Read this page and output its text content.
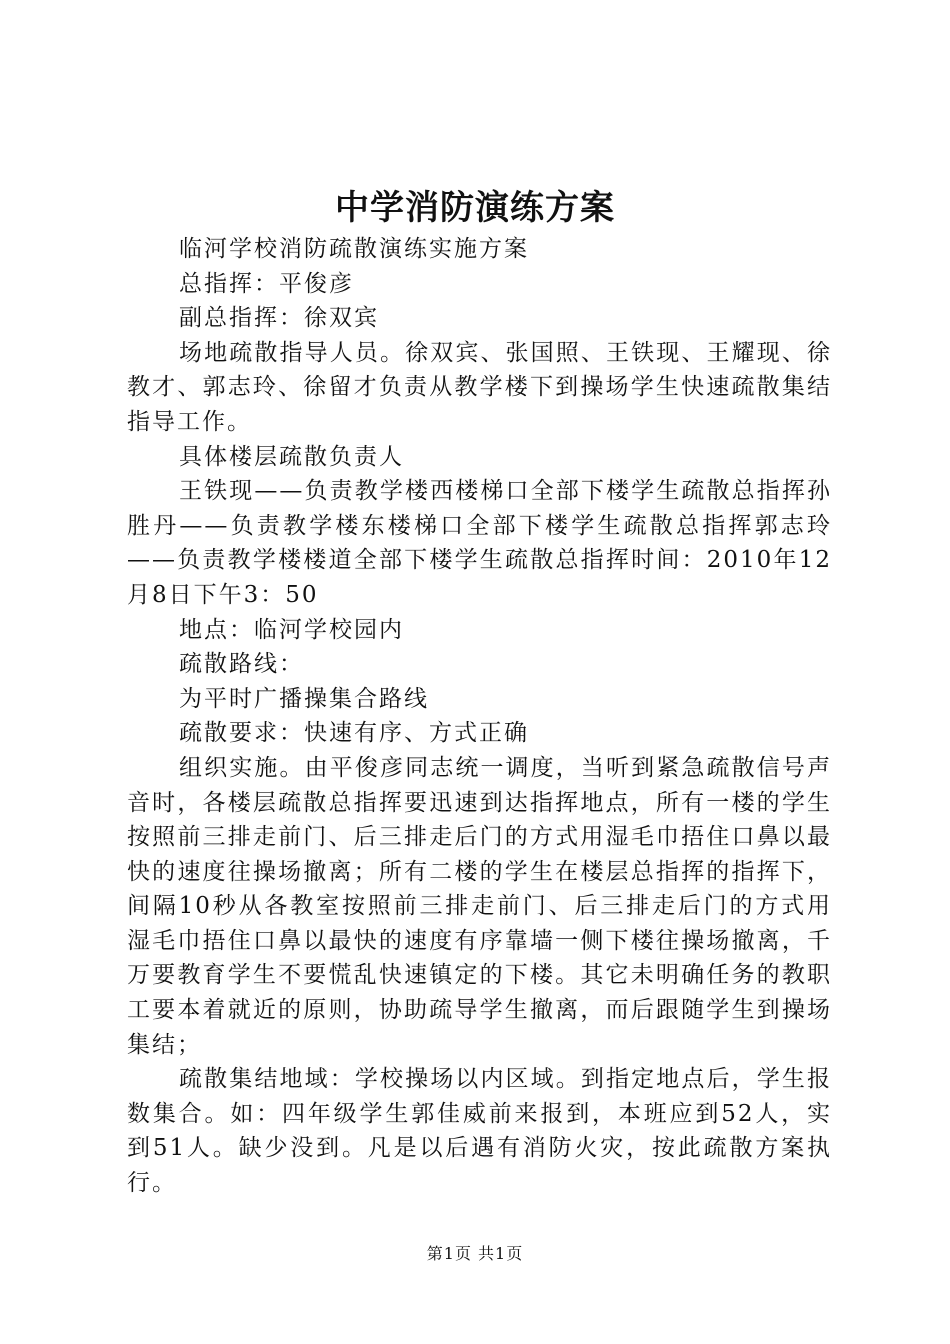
中学消防演练方案

临河学校消防疏散演练实施方案

总指挥：平俊彦

副总指挥：徐双宾

场地疏散指导人员。徐双宾、张国照、王铁现、王耀现、徐教才、郭志玲、徐留才负责从教学楼下到操场学生快速疏散集结指导工作。

具体楼层疏散负责人

王铁现——负责教学楼西楼梯口全部下楼学生疏散总指挥孙胜丹——负责教学楼东楼梯口全部下楼学生疏散总指挥郭志玲——负责教学楼楼道全部下楼学生疏散总指挥时间：2010年12月8日下午3：50

地点：临河学校园内

疏散路线：

为平时广播操集合路线

疏散要求：快速有序、方式正确

组织实施。由平俊彦同志统一调度，当听到紧急疏散信号声音时，各楼层疏散总指挥要迅速到达指挥地点，所有一楼的学生按照前三排走前门、后三排走后门的方式用湿毛巾捂住口鼻以最快的速度往操场撤离；所有二楼的学生在楼层总指挥的指挥下，间隔10秒从各教室按照前三排走前门、后三排走后门的方式用湿毛巾捂住口鼻以最快的速度有序靠墙一侧下楼往操场撤离，千万要教育学生不要慌乱快速镇定的下楼。其它未明确任务的教职工要本着就近的原则，协助疏导学生撤离，而后跟随学生到操场集结；

疏散集结地域：学校操场以内区域。到指定地点后，学生报数集合。如：四年级学生郭佳威前来报到，本班应到52人，实到51人。缺少没到。凡是以后遇有消防火灾，按此疏散方案执行。

第1页 共1页
